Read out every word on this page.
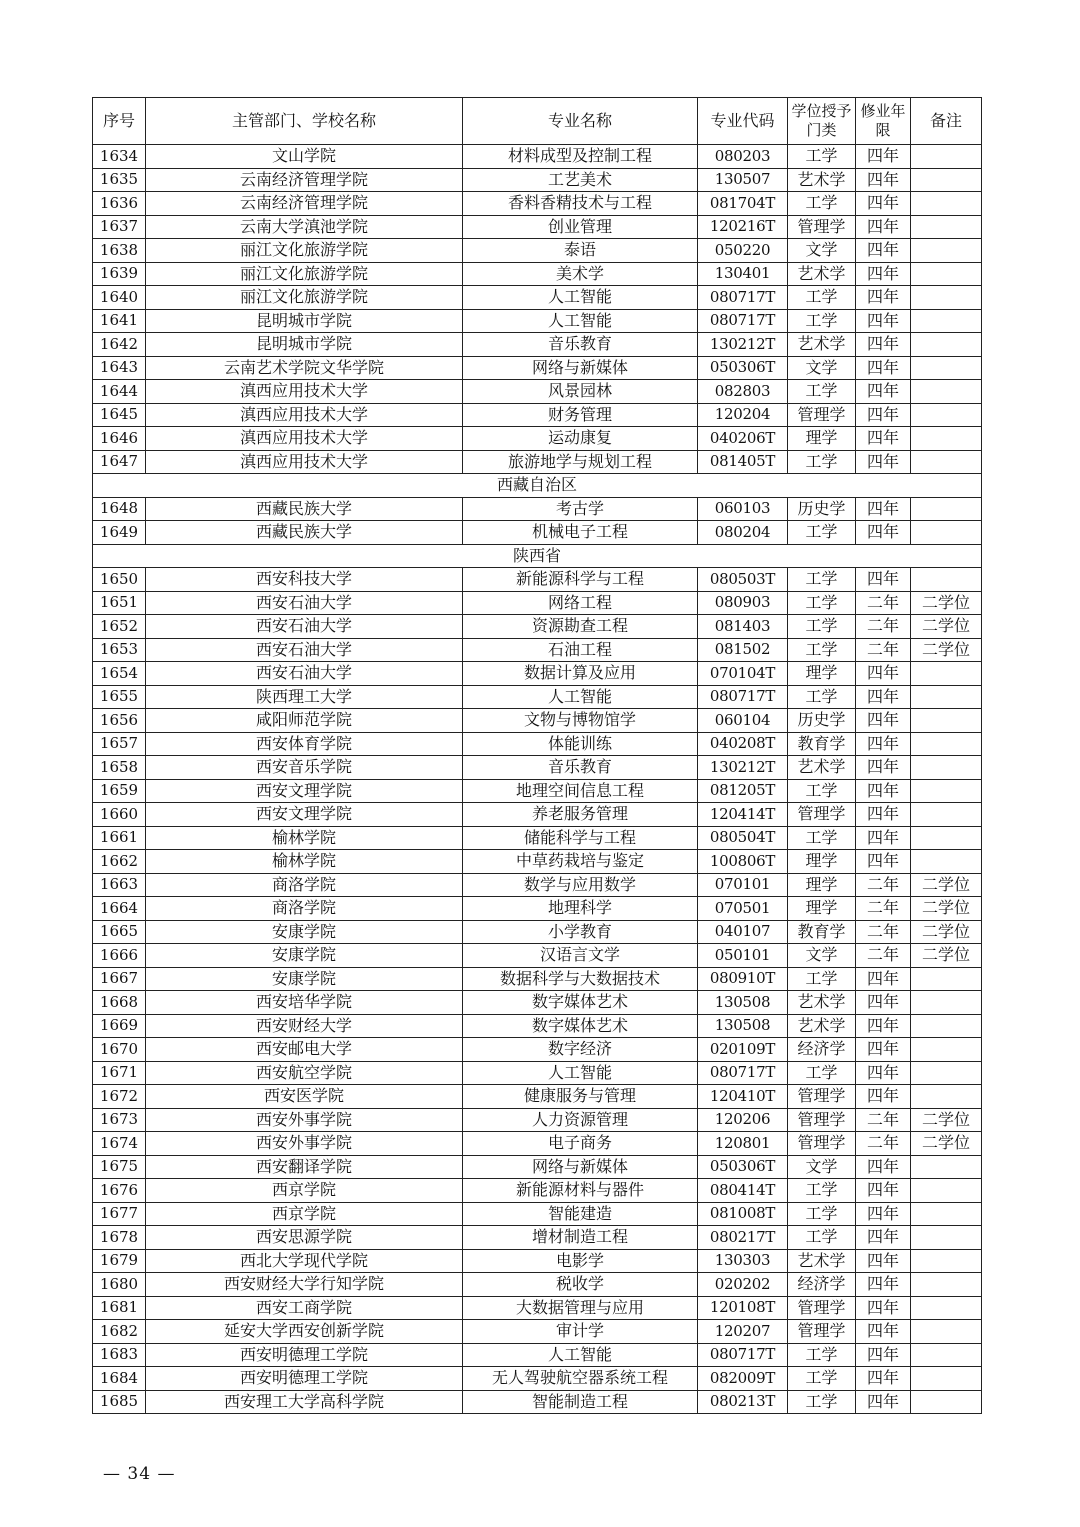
序号	主管部门、学校名称	专业名称	专业代码	学位授予门类	修业年限	备注
1634	文山学院	材料成型及控制工程	080203	工学	四年	
1635	云南经济管理学院	工艺美术	130507	艺术学	四年	
1636	云南经济管理学院	香料香精技术与工程	081704T	工学	四年	
1637	云南大学滇池学院	创业管理	120216T	管理学	四年	
1638	丽江文化旅游学院	泰语	050220	文学	四年	
1639	丽江文化旅游学院	美术学	130401	艺术学	四年	
1640	丽江文化旅游学院	人工智能	080717T	工学	四年	
1641	昆明城市学院	人工智能	080717T	工学	四年	
1642	昆明城市学院	音乐教育	130212T	艺术学	四年	
1643	云南艺术学院文华学院	网络与新媒体	050306T	文学	四年	
1644	滇西应用技术大学	风景园林	082803	工学	四年	
1645	滇西应用技术大学	财务管理	120204	管理学	四年	
1646	滇西应用技术大学	运动康复	040206T	理学	四年	
1647	滇西应用技术大学	旅游地学与规划工程	081405T	工学	四年	
西藏自治区						
1648	西藏民族大学	考古学	060103	历史学	四年	
1649	西藏民族大学	机械电子工程	080204	工学	四年	
陕西省						
1650	西安科技大学	新能源科学与工程	080503T	工学	四年	
1651	西安石油大学	网络工程	080903	工学	二年	二学位
1652	西安石油大学	资源勘查工程	081403	工学	二年	二学位
1653	西安石油大学	石油工程	081502	工学	二年	二学位
1654	西安石油大学	数据计算及应用	070104T	理学	四年	
1655	陕西理工大学	人工智能	080717T	工学	四年	
1656	咸阳师范学院	文物与博物馆学	060104	历史学	四年	
1657	西安体育学院	体能训练	040208T	教育学	四年	
1658	西安音乐学院	音乐教育	130212T	艺术学	四年	
1659	西安文理学院	地理空间信息工程	081205T	工学	四年	
1660	西安文理学院	养老服务管理	120414T	管理学	四年	
1661	榆林学院	储能科学与工程	080504T	工学	四年	
1662	榆林学院	中草药栽培与鉴定	100806T	理学	四年	
1663	商洛学院	数学与应用数学	070101	理学	二年	二学位
1664	商洛学院	地理科学	070501	理学	二年	二学位
1665	安康学院	小学教育	040107	教育学	二年	二学位
1666	安康学院	汉语言文学	050101	文学	二年	二学位
1667	安康学院	数据科学与大数据技术	080910T	工学	四年	
1668	西安培华学院	数字媒体艺术	130508	艺术学	四年	
1669	西安财经大学	数字媒体艺术	130508	艺术学	四年	
1670	西安邮电大学	数字经济	020109T	经济学	四年	
1671	西安航空学院	人工智能	080717T	工学	四年	
1672	西安医学院	健康服务与管理	120410T	管理学	四年	
1673	西安外事学院	人力资源管理	120206	管理学	二年	二学位
1674	西安外事学院	电子商务	120801	管理学	二年	二学位
1675	西安翻译学院	网络与新媒体	050306T	文学	四年	
1676	西京学院	新能源材料与器件	080414T	工学	四年	
1677	西京学院	智能建造	081008T	工学	四年	
1678	西安思源学院	增材制造工程	080217T	工学	四年	
1679	西北大学现代学院	电影学	130303	艺术学	四年	
1680	西安财经大学行知学院	税收学	020202	经济学	四年	
1681	西安工商学院	大数据管理与应用	120108T	管理学	四年	
1682	延安大学西安创新学院	审计学	120207	管理学	四年	
1683	西安明德理工学院	人工智能	080717T	工学	四年	
1684	西安明德理工学院	无人驾驶航空器系统工程	082009T	工学	四年	
1685	西安理工大学高科学院	智能制造工程	080213T	工学	四年	
— 34 —
